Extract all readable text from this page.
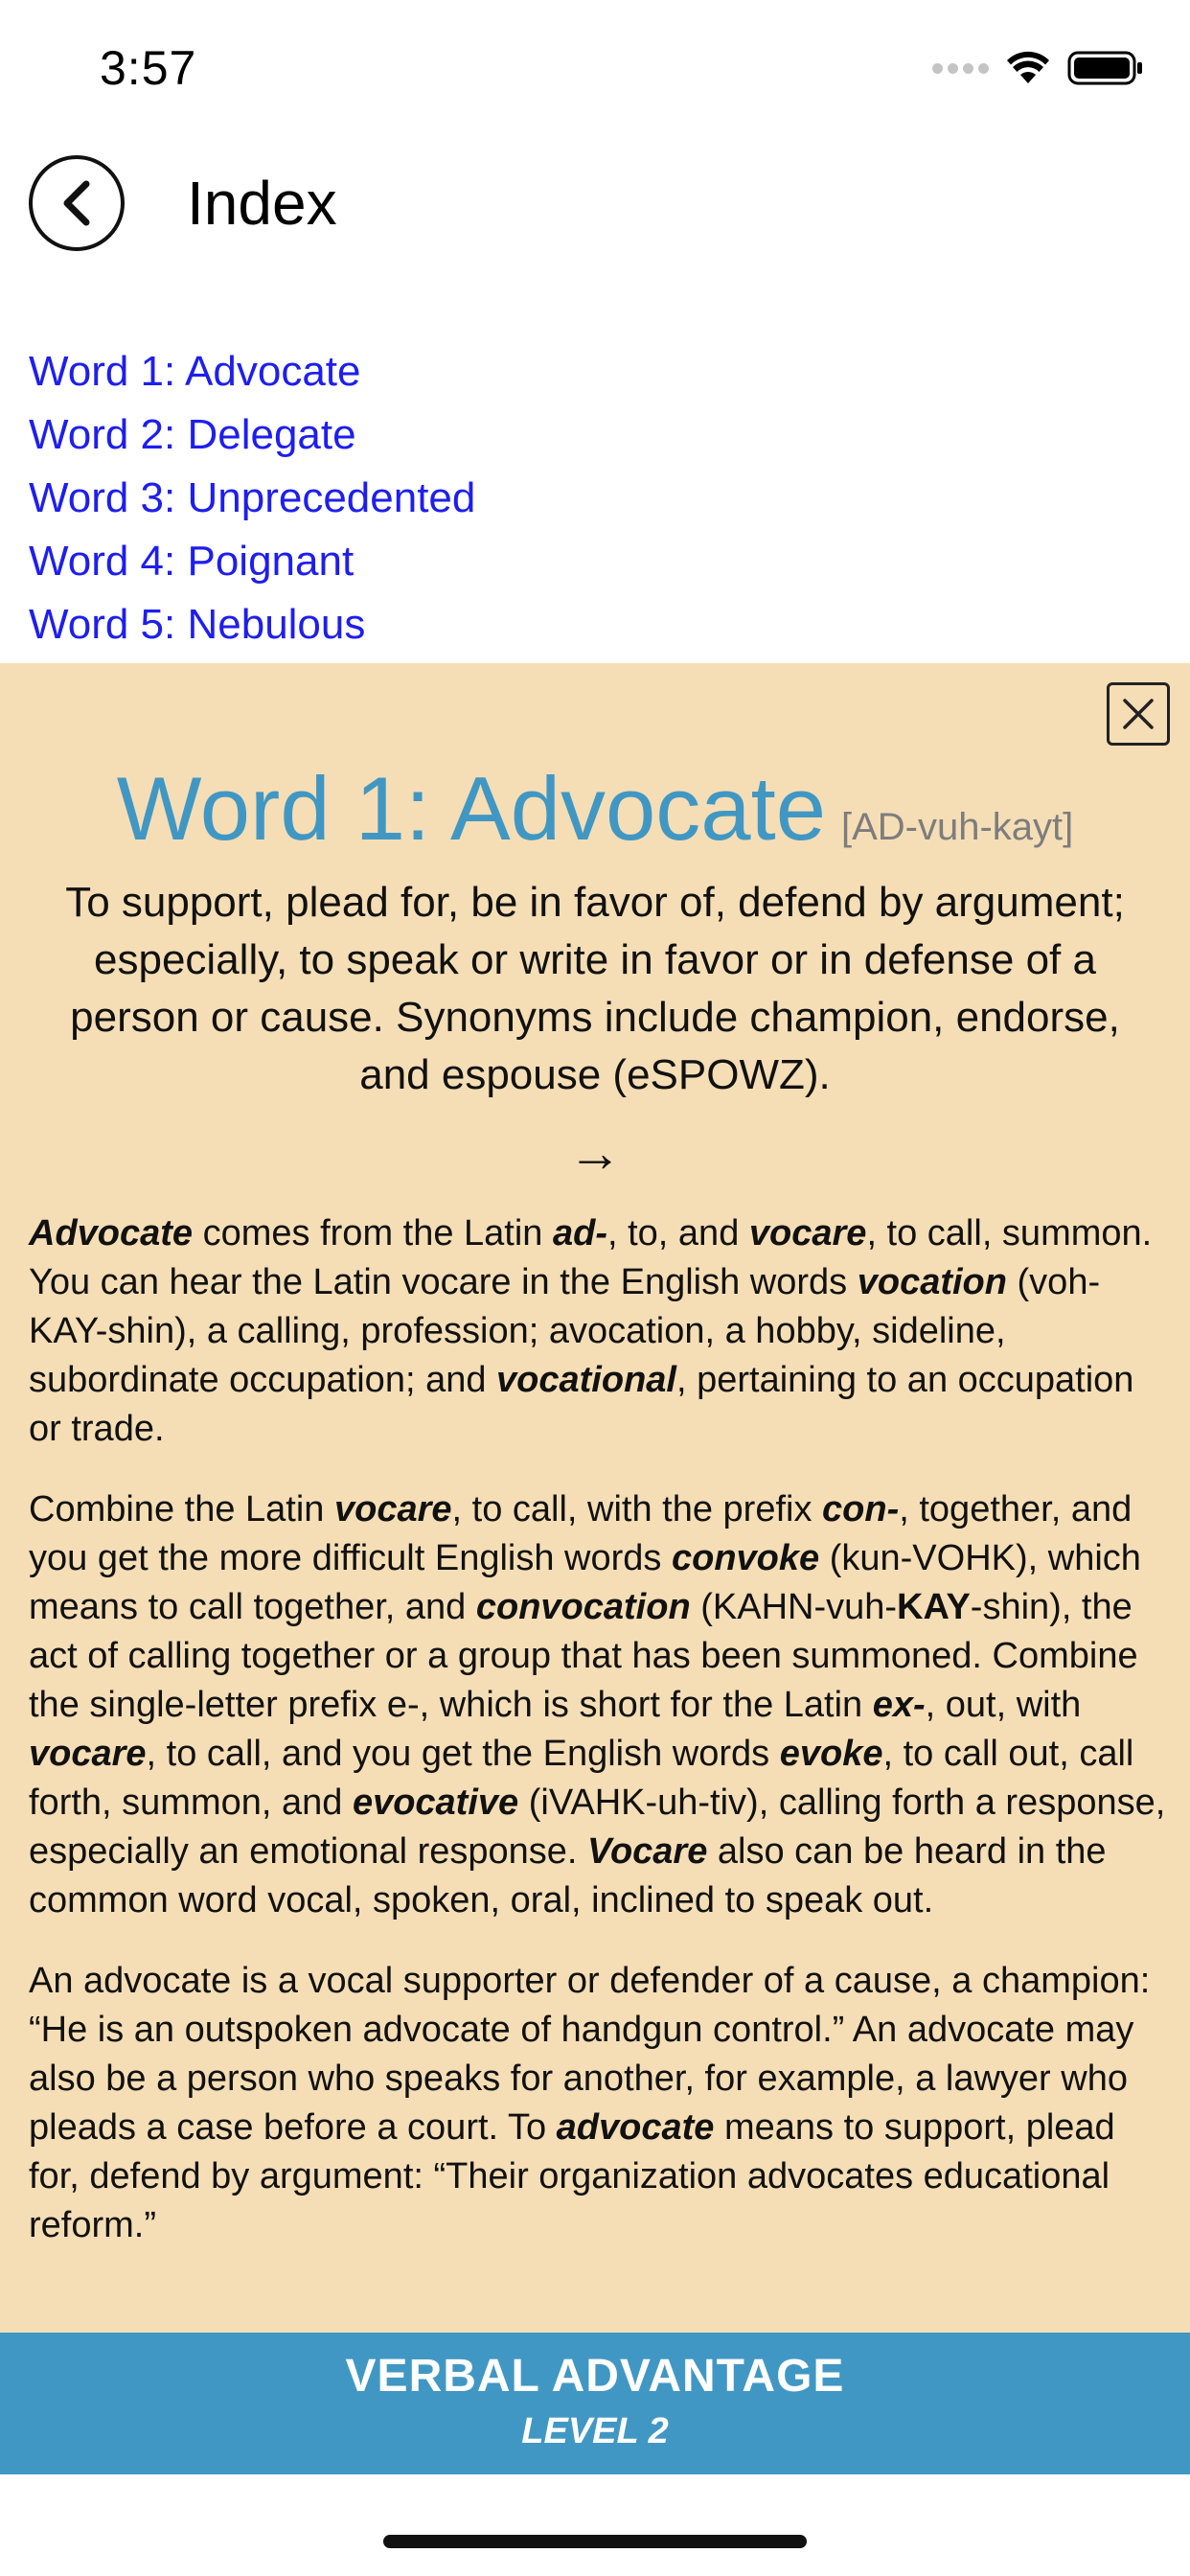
3:57
Index
Word 1: Advocate
Word 2: Delegate
Word 3: Unprecedented
Word 4: Poignant
Word 5: Nebulous
Word 1: Advocate [AD-vuh-kayt]

To support, plead for, be in favor of, defend by argument; especially, to speak or write in favor or in defense of a person or cause. Synonyms include champion, endorse, and espouse (eSPOWZ).

→

Advocate comes from the Latin ad-, to, and vocare, to call, summon. You can hear the Latin vocare in the English words vocation (voh-KAY-shin), a calling, profession; avocation, a hobby, sideline, subordinate occupation; and vocational, pertaining to an occupation or trade.

Combine the Latin vocare, to call, with the prefix con-, together, and you get the more difficult English words convoke (kun-VOHK), which means to call together, and convocation (KAHN-vuh-KAY-shin), the act of calling together or a group that has been summoned. Combine the single-letter prefix e-, which is short for the Latin ex-, out, with vocare, to call, and you get the English words evoke, to call out, call forth, summon, and evocative (iVAHK-uh-tiv), calling forth a response, especially an emotional response. Vocare also can be heard in the common word vocal, spoken, oral, inclined to speak out.

An advocate is a vocal supporter or defender of a cause, a champion: “He is an outspoken advocate of handgun control.” An advocate may also be a person who speaks for another, for example, a lawyer who pleads a case before a court. To advocate means to support, plead for, defend by argument: “Their organization advocates educational reform.”

VERBAL ADVANTAGE
LEVEL 2
